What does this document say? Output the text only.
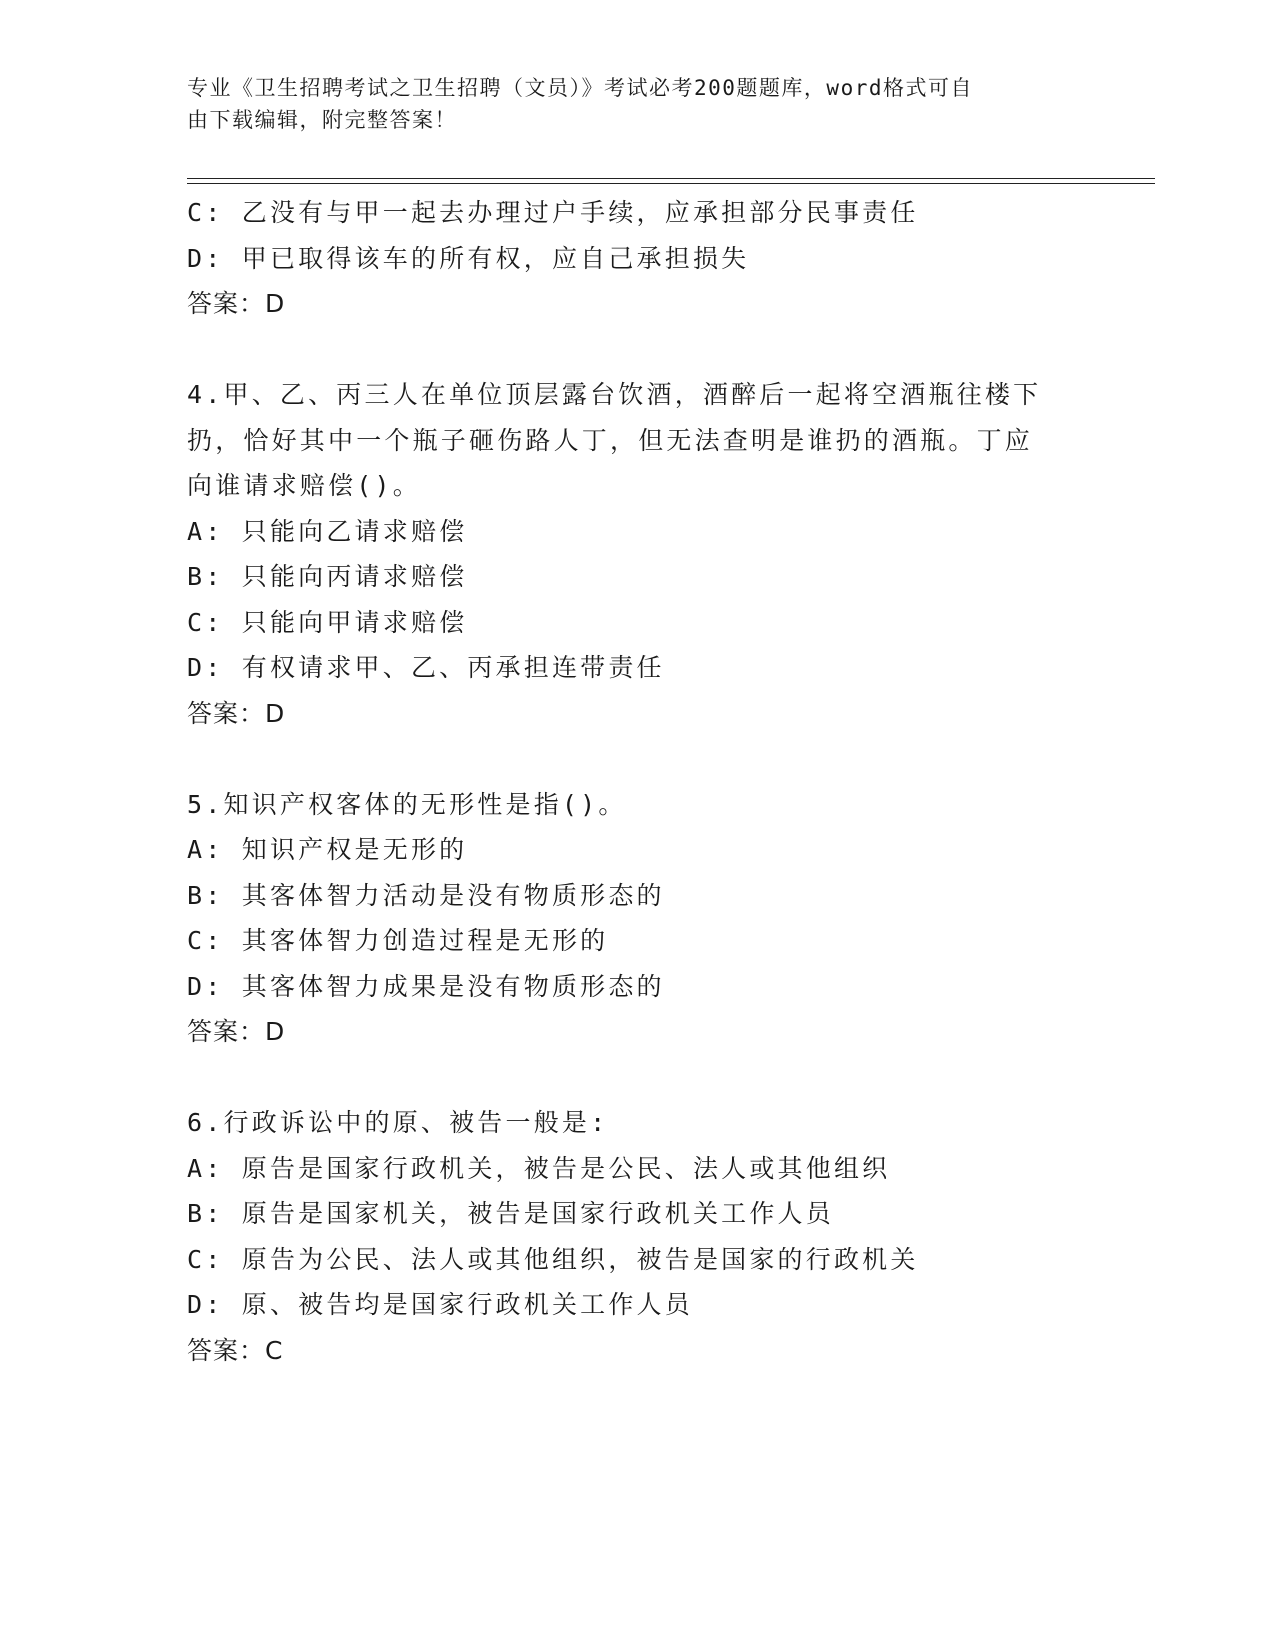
专业《卫生招聘考试之卫生招聘（文员）》考试必考200题题库，word格式可自
由下载编辑，附完整答案！
C: 乙没有与甲一起去办理过户手续，应承担部分民事责任
D: 甲已取得该车的所有权，应自己承担损失
答案：D
4.甲、乙、丙三人在单位顶层露台饮酒，酒醉后一起将空酒瓶往楼下
扔，恰好其中一个瓶子砸伤路人丁，但无法查明是谁扔的酒瓶。丁应
向谁请求赔偿()。
A: 只能向乙请求赔偿
B: 只能向丙请求赔偿
C: 只能向甲请求赔偿
D: 有权请求甲、乙、丙承担连带责任
答案：D
5.知识产权客体的无形性是指()。
A: 知识产权是无形的
B: 其客体智力活动是没有物质形态的
C: 其客体智力创造过程是无形的
D: 其客体智力成果是没有物质形态的
答案：D
6.行政诉讼中的原、被告一般是:
A: 原告是国家行政机关，被告是公民、法人或其他组织
B: 原告是国家机关，被告是国家行政机关工作人员
C: 原告为公民、法人或其他组织，被告是国家的行政机关
D: 原、被告均是国家行政机关工作人员
答案：C
